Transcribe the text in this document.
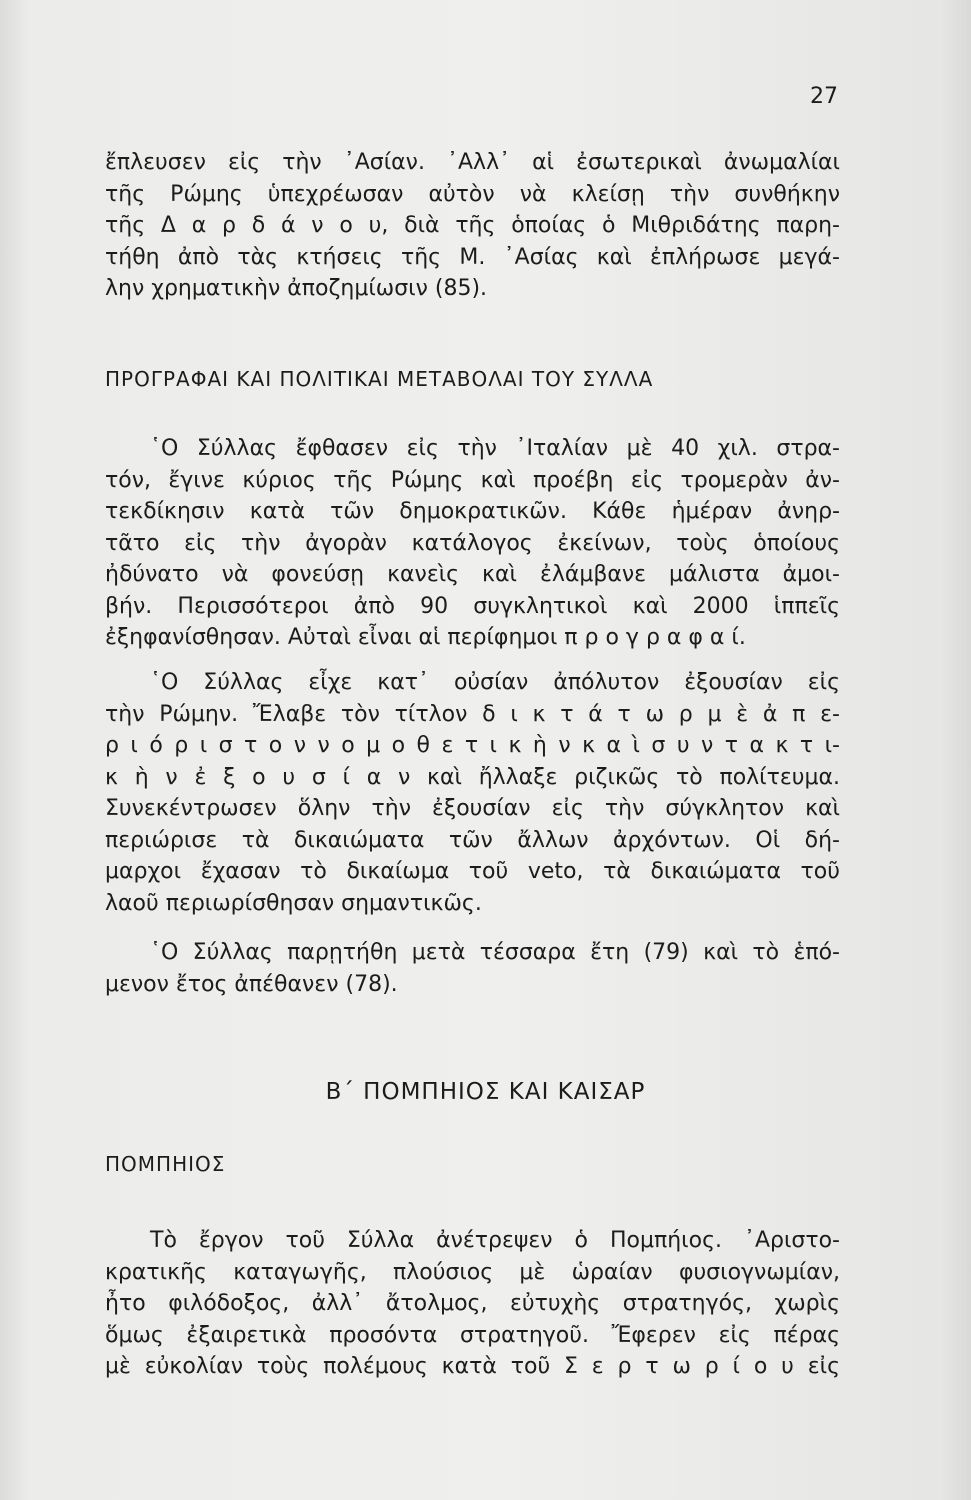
27
ἔπλευσεν εἰς τὴν ᾿Ασίαν. ᾿Αλλ᾿ αἱ ἐσωτερικαὶ ἀνωμαλίαι
τῆς Ρώμης ὑπεχρέωσαν αὐτὸν νὰ κλείσῃ τὴν συνθήκην
τῆς Δ α ρ δ ά ν ο υ, διὰ τῆς ὁποίας ὁ Μιθριδάτης παρη-
τήθη ἀπὸ τὰς κτήσεις τῆς Μ. ᾿Ασίας καὶ ἐπλήρωσε μεγά-
λην χρηματικὴν ἀποζημίωσιν (85).
ΠΡΟΓΡΑΦΑΙ ΚΑΙ ΠΟΛΙΤΙΚΑΙ ΜΕΤΑΒΟΛΑΙ ΤΟΥ ΣΥΛΛΑ
῾Ο Σύλλας ἔφθασεν εἰς τὴν ᾿Ιταλίαν μὲ 40 χιλ. στρα-
τόν, ἔγινε κύριος τῆς Ρώμης καὶ προέβη εἰς τρομερὰν ἀν-
τεκδίκησιν κατὰ τῶν δημοκρατικῶν. Κάθε ἡμέραν ἀνηρ-
τᾶτο εἰς τὴν ἀγορὰν κατάλογος ἐκείνων, τοὺς ὁποίους
ἠδύνατο νὰ φονεύσῃ κανεὶς καὶ ἐλάμβανε μάλιστα ἀμοι-
βήν. Περισσότεροι ἀπὸ 90 συγκλητικοὶ καὶ 2000 ἱππεῖς
ἐξηφανίσθησαν. Αὐταὶ εἶναι αἱ περίφημοι π ρ ο γ ρ α φ α ί.
῾Ο Σύλλας εἶχε κατ᾿ οὐσίαν ἀπόλυτον ἐξουσίαν εἰς
τὴν Ρώμην. Ἔλαβε τὸν τίτλον δ ι κ τ ά τ ω ρ μ ὲ ἀ π ε-
ρ ι ό ρ ι σ τ ο ν ν ο μ ο θ ε τ ι κ ὴ ν κ α ὶ σ υ ν τ α κ τ ι-
κ ὴ ν ἐ ξ ο υ σ ί α ν καὶ ἤλλαξε ριζικῶς τὸ πολίτευμα.
Συνεκέντρωσεν ὅλην τὴν ἐξουσίαν εἰς τὴν σύγκλητον καὶ
περιώρισε τὰ δικαιώματα τῶν ἄλλων ἀρχόντων. Οἱ δή-
μαρχοι ἔχασαν τὸ δικαίωμα τοῦ veto, τὰ δικαιώματα τοῦ
λαοῦ περιωρίσθησαν σημαντικῶς.
῾Ο Σύλλας παρῃτήθη μετὰ τέσσαρα ἔτη (79) καὶ τὸ ἑπό-
μενον ἔτος ἀπέθανεν (78).
Β΄ ΠΟΜΠΗΙΟΣ ΚΑΙ ΚΑΙΣΑΡ
ΠΟΜΠΗΙΟΣ
Τὸ ἔργον τοῦ Σύλλα ἀνέτρεψεν ὁ Πομπήιος. ᾿Αριστο-
κρατικῆς καταγωγῆς, πλούσιος μὲ ὡραίαν φυσιογνωμίαν,
ἦτο φιλόδοξος, ἀλλ᾿ ἄτολμος, εὐτυχὴς στρατηγός, χωρὶς
ὅμως ἐξαιρετικὰ προσόντα στρατηγοῦ. Ἔφερεν εἰς πέρας
μὲ εὐκολίαν τοὺς πολέμους κατὰ τοῦ Σ ε ρ τ ω ρ ί ο υ εἰς
